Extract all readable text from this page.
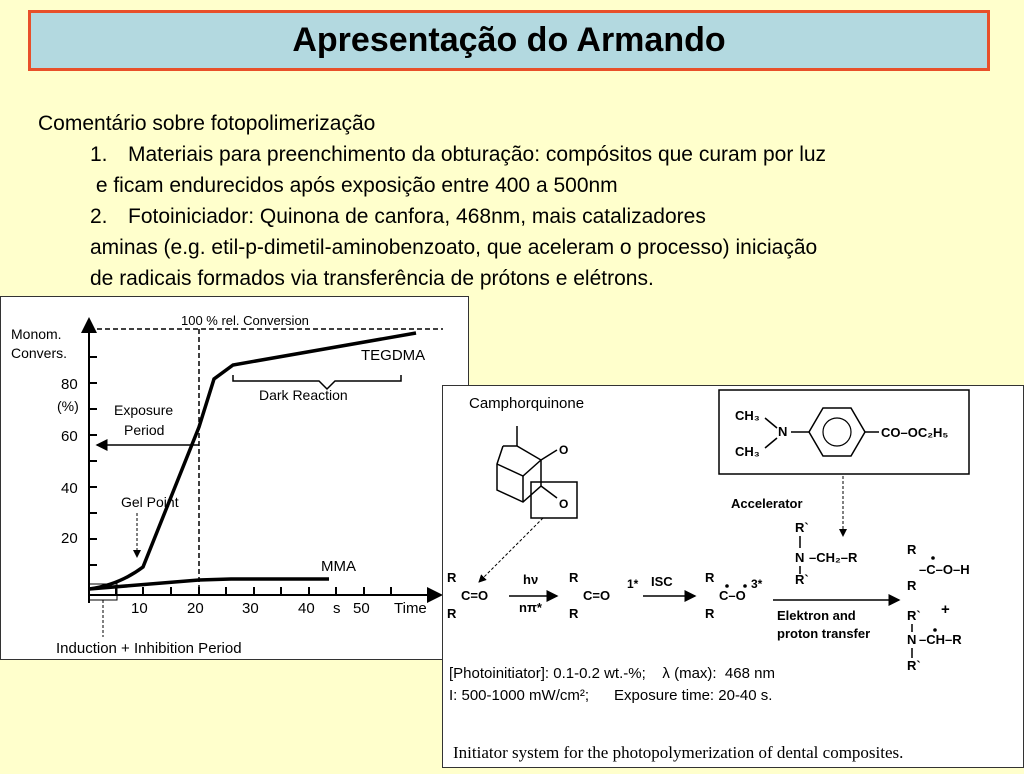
Apresentação do Armando
Comentário sobre fotopolimerização
1. Materiais para preenchimento da obturação: compósitos que curam por luz
e ficam endurecidos após exposição entre 400 a 500nm
2. Fotoiniciador: Quinona de canfora, 468nm, mais catalizadores
aminas (e.g. etil-p-dimetil-aminobenzoato, que aceleram o processo) iniciação
de radicais formados via transferência de prótons e elétrons.
Monom.
Convers.
80
(%)
60
40
20
10	20	30	40 s 50 Time
100 % rel. Conversion
TEGDMA
MMA
Dark Reaction
Exposure
Period
Gel Point
Induction + Inhibition Period
Camphorquinone
O
O
CH₃
CH₃
N	CO–OC₂H₅
Accelerator
R
R
C=O
hν
nπ*
R
R
C=O
1* ISC R
R
C–O
3*
Elektron and
proton transfer
R`
N –CH₂–R
R`
R
R
–C–O–H
+
R`
N –CH–R
R`
[Photoinitiator]: 0.1-0.2 wt.-%;    λ (max):  468 nm
I: 500-1000 mW/cm²;      Exposure time: 20-40 s.
Initiator system for the photopolymerization of dental composites.
